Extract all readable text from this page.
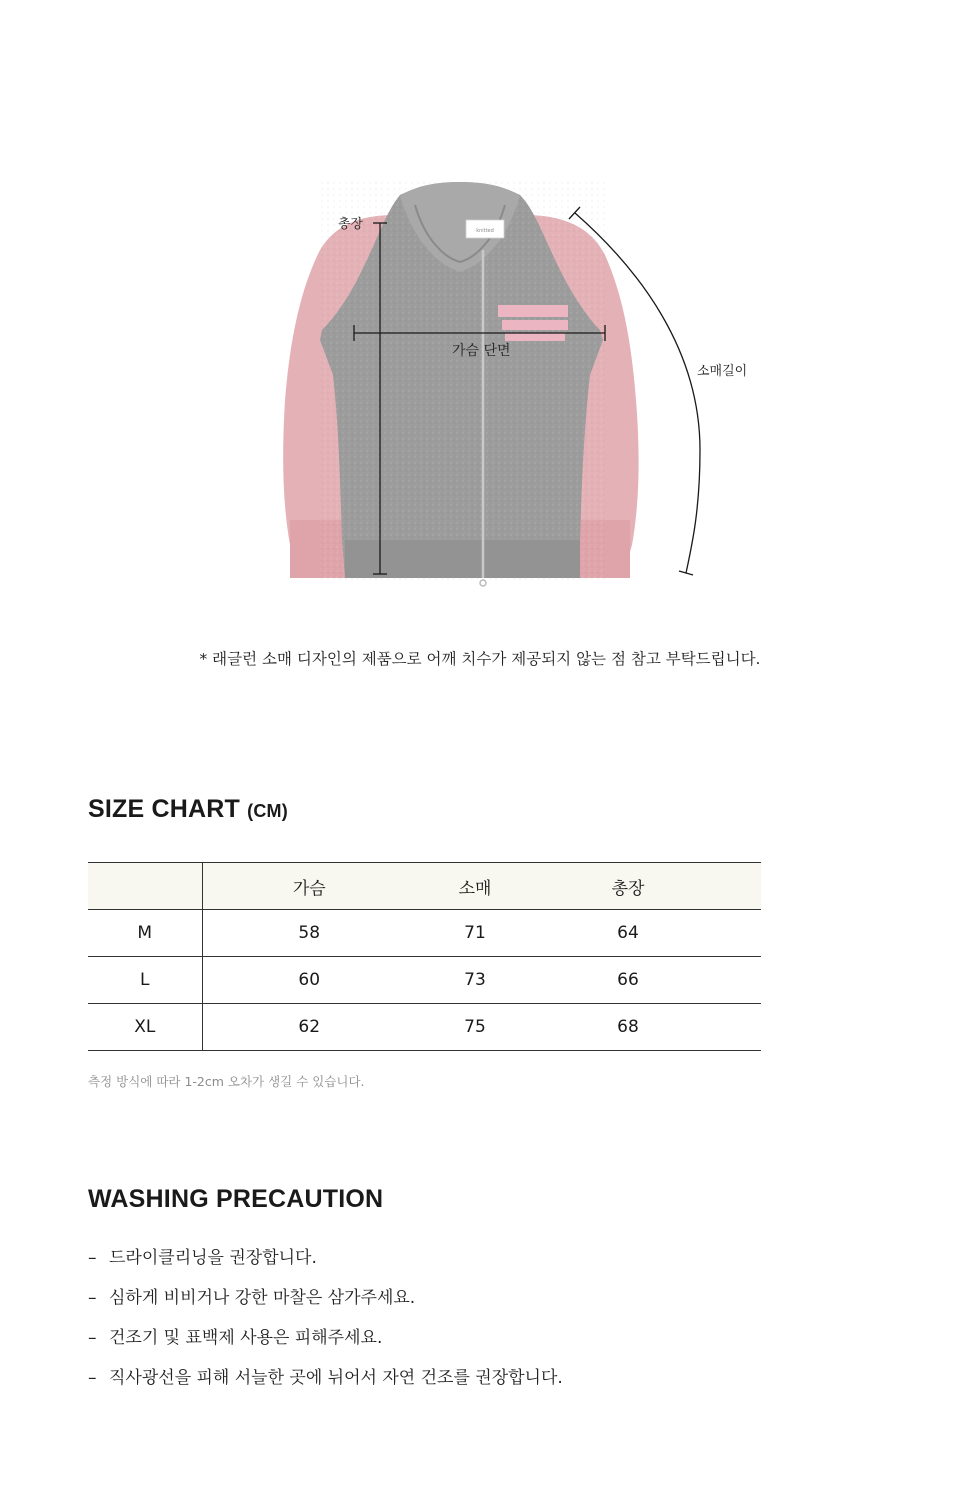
knitted
총장
가슴 단면
소매길이

* 래글런 소매 디자인의 제품으로 어깨 치수가 제공되지 않는 점 참고 부탁드립니다.

SIZE CHART (CM)
	가슴	소매	총장	
M	58	71	64	
L	60	73	66	
XL	62	75	68	

측정 방식에 따라 1-2cm 오차가 생길 수 있습니다.

WASHING PRECAUTION
– 드라이클리닝을 권장합니다.
– 심하게 비비거나 강한 마찰은 삼가주세요.
– 건조기 및 표백제 사용은 피해주세요.
– 직사광선을 피해 서늘한 곳에 뉘어서 자연 건조를 권장합니다.
